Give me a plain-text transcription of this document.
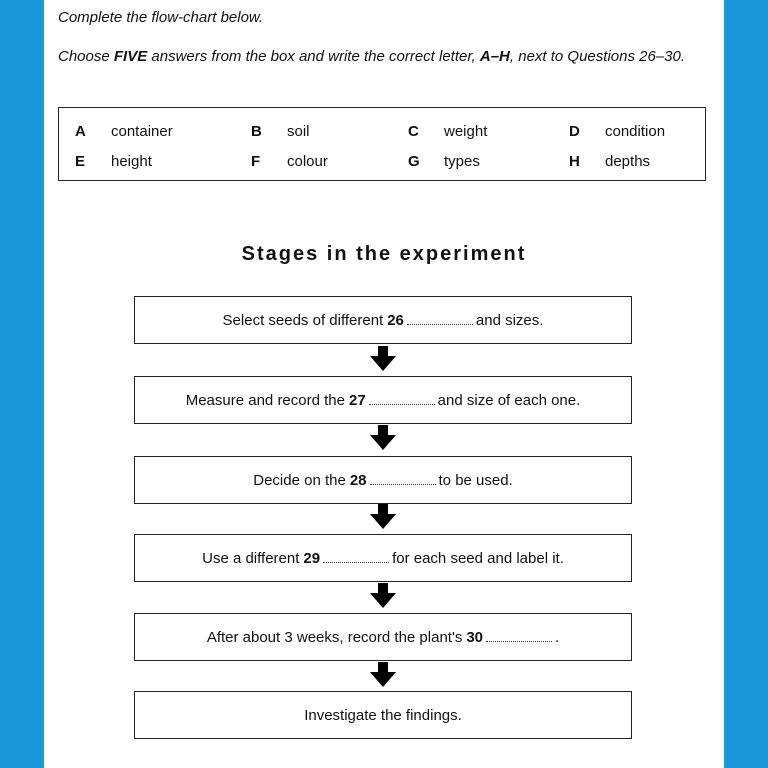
Complete the flow-chart below.
Choose FIVE answers from the box and write the correct letter, A–H, next to Questions 26–30.
A container	B soil	C weight	D condition
E height	F colour	G types	H depths
Stages in the experiment
Select seeds of different 26	and sizes.
Measure and record the 27	and size of each one.
Decide on the 28	to be used.
Use a different 29	for each seed and label it.
After about 3 weeks, record the plant's 30	.
Investigate the findings.
